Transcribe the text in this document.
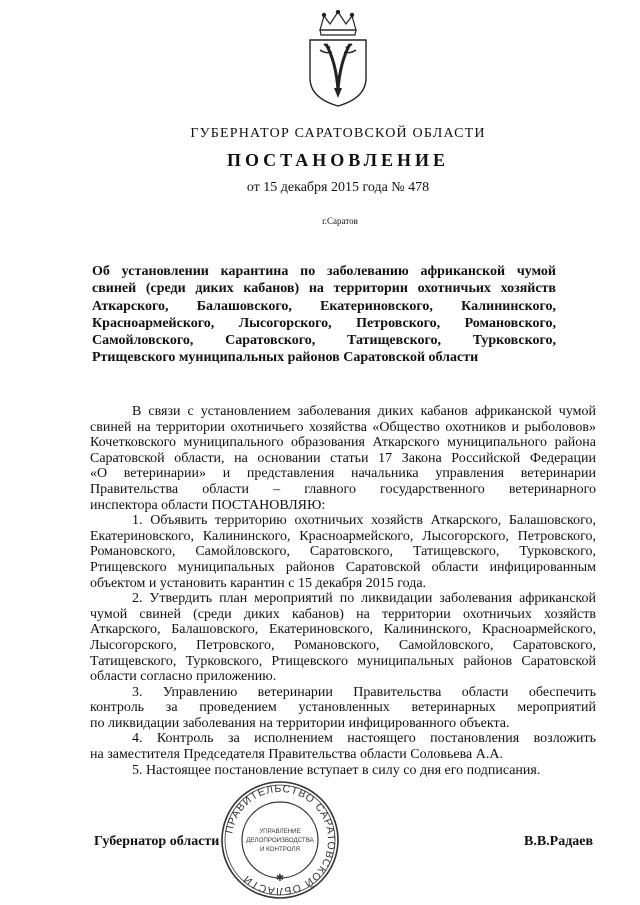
ГУБЕРНАТОР САРАТОВСКОЙ ОБЛАСТИ
ПОСТАНОВЛЕНИЕ
от 15 декабря 2015 года № 478
г.Саратов
Об установлении карантина по заболеванию африканской чумой
свиней (среди диких кабанов) на территории охотничьих хозяйств
Аткарского, Балашовского, Екатериновского, Калининского,
Красноармейского, Лысогорского, Петровского, Романовского,
Самойловского, Саратовского, Татищевского, Турковского,
Ртищевского муниципальных районов Саратовской области

В связи с установлением заболевания диких кабанов африканской чумой
свиней на территории охотничьего хозяйства «Общество охотников и рыболовов»
Кочетковского муниципального образования Аткарского муниципального района
Саратовской области, на основании статьи 17 Закона Российской Федерации
«О ветеринарии» и представления начальника управления ветеринарии
Правительства области – главного государственного ветеринарного
инспектора области ПОСТАНОВЛЯЮ:

1. Объявить территорию охотничьих хозяйств Аткарского, Балашовского,
Екатериновского, Калининского, Красноармейского, Лысогорского, Петровского,
Романовского, Самойловского, Саратовского, Татищевского, Турковского,
Ртищевского муниципальных районов Саратовской области инфицированным
объектом и установить карантин с 15 декабря 2015 года.

2. Утвердить план мероприятий по ликвидации заболевания африканской
чумой свиней (среди диких кабанов) на территории охотничьих хозяйств
Аткарского, Балашовского, Екатериновского, Калининского, Красноармейского,
Лысогорского, Петровского, Романовского, Самойловского, Саратовского,
Татищевского, Турковского, Ртищевского муниципальных районов Саратовской
области согласно приложению.

3. Управлению ветеринарии Правительства области обеспечить
контроль за проведением установленных ветеринарных мероприятий
по ликвидации заболевания на территории инфицированного объекта.

4. Контроль за исполнением настоящего постановления возложить
на заместителя Председателя Правительства области Соловьева А.А.

5. Настоящее постановление вступает в силу со дня его подписания.

ПРАВИТЕЛЬСТВО САРАТОВСКОЙ ОБЛАСТИ
УПРАВЛЕНИЕ
ДЕЛОПРОИЗВОДСТВА
И КОНТРОЛЯ
✱
Губернатор области	В.В.Радаев
